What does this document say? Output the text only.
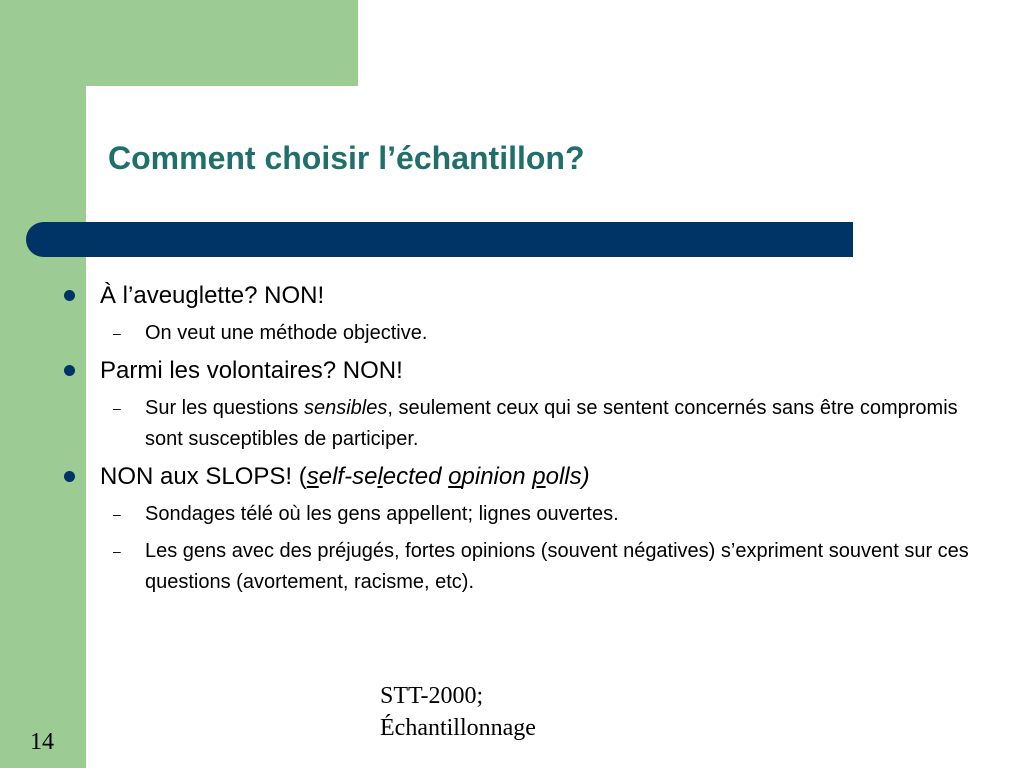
Comment choisir l’échantillon?
À l’aveuglette? NON!
– On veut une méthode objective.
Parmi les volontaires? NON!
– Sur les questions sensibles, seulement ceux qui se sentent concernés sans être compromis sont susceptibles de participer.
NON aux SLOPS! (self-selected opinion polls)
– Sondages télé où les gens appellent; lignes ouvertes.
– Les gens avec des préjugés, fortes opinions (souvent négatives) s’expriment souvent sur ces questions (avortement, racisme, etc).
STT-2000;
Échantillonnage
14
